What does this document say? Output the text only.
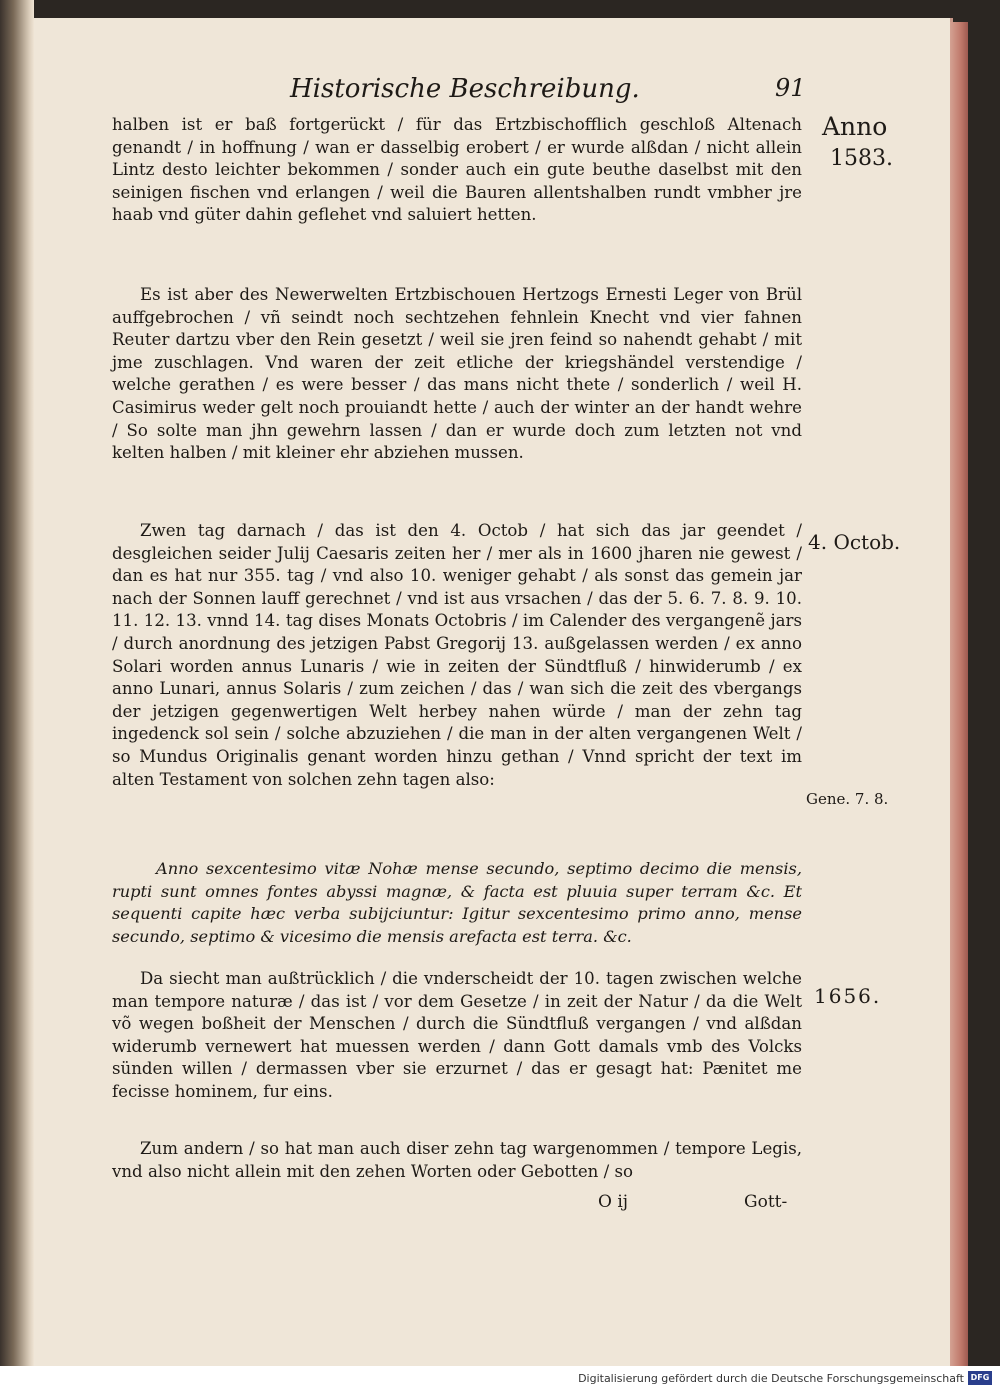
Historische Beschreibung.	91
Anno
1583.
4. Octob.
Gene. 7. 8.
1656.

halben ist er baß fortgerückt / für das Ertzbischofflich geschloß Altenach genandt / in hoffnung / wan er dasselbig erobert / er wurde alßdan / nicht allein Lintz desto leichter bekommen / sonder auch ein gute beuthe daselbst mit den seinigen fischen vnd erlangen / weil die Bauren allentshalben rundt vmbher jre haab vnd güter dahin geflehet vnd saluiert hetten.

Es ist aber des Newerwelten Ertzbischouen Hertzogs Ernesti Leger von Brül auffgebrochen / vñ seindt noch sechtzehen fehnlein Knecht vnd vier fahnen Reuter dartzu vber den Rein gesetzt / weil sie jren feind so nahendt gehabt / mit jme zuschlagen. Vnd waren der zeit etliche der kriegshändel verstendige / welche gerathen / es were besser / das mans nicht thete / sonderlich / weil H. Casimirus weder gelt noch prouiandt hette / auch der winter an der handt wehre / So solte man jhn gewehrn lassen / dan er wurde doch zum letzten not vnd kelten halben / mit kleiner ehr abziehen mussen.

Zwen tag darnach / das ist den 4. Octob / hat sich das jar geendet / desgleichen seider Julij Caesaris zeiten her / mer als in 1600 jharen nie gewest / dan es hat nur 355. tag / vnd also 10. weniger gehabt / als sonst das gemein jar nach der Sonnen lauff gerechnet / vnd ist aus vrsachen / das der 5. 6. 7. 8. 9. 10. 11. 12. 13. vnnd 14. tag dises Monats Octobris / im Calender des vergangenẽ jars / durch anordnung des jetzigen Pabst Gregorij 13. außgelassen werden / ex anno Solari worden annus Lunaris / wie in zeiten der Sündtfluß / hinwiderumb / ex anno Lunari, annus Solaris / zum zeichen / das / wan sich die zeit des vbergangs der jetzigen gegenwertigen Welt herbey nahen würde / man der zehn tag ingedenck sol sein / solche abzuziehen / die man in der alten vergangenen Welt / so Mundus Originalis genant worden hinzu gethan / Vnnd spricht der text im alten Testament von solchen zehn tagen also:

Anno sexcentesimo vitæ Nohæ mense secundo, septimo decimo die mensis, rupti sunt omnes fontes abyssi magnæ, & facta est pluuia super terram &c. Et sequenti capite hæc verba subijciuntur: Igitur sexcentesimo primo anno, mense secundo, septimo & vicesimo die mensis arefacta est terra. &c.

Da siecht man außtrücklich / die vnderscheidt der 10. tagen zwischen welche man tempore naturæ / das ist / vor dem Gesetze / in zeit der Natur / da die Welt võ wegen boßheit der Menschen / durch die Sündtfluß vergangen / vnd alßdan widerumb vernewert hat muessen werden / dann Gott damals vmb des Volcks sünden willen / dermassen vber sie erzurnet / das er gesagt hat: Pænitet me fecisse hominem, fur eins.

Zum andern / so hat man auch diser zehn tag wargenommen / tempore Legis, vnd also nicht allein mit den zehen Worten oder Gebotten / so

O ij	Gott-
Digitalisierung gefördert durch die Deutsche Forschungsgemeinschaft DFG
